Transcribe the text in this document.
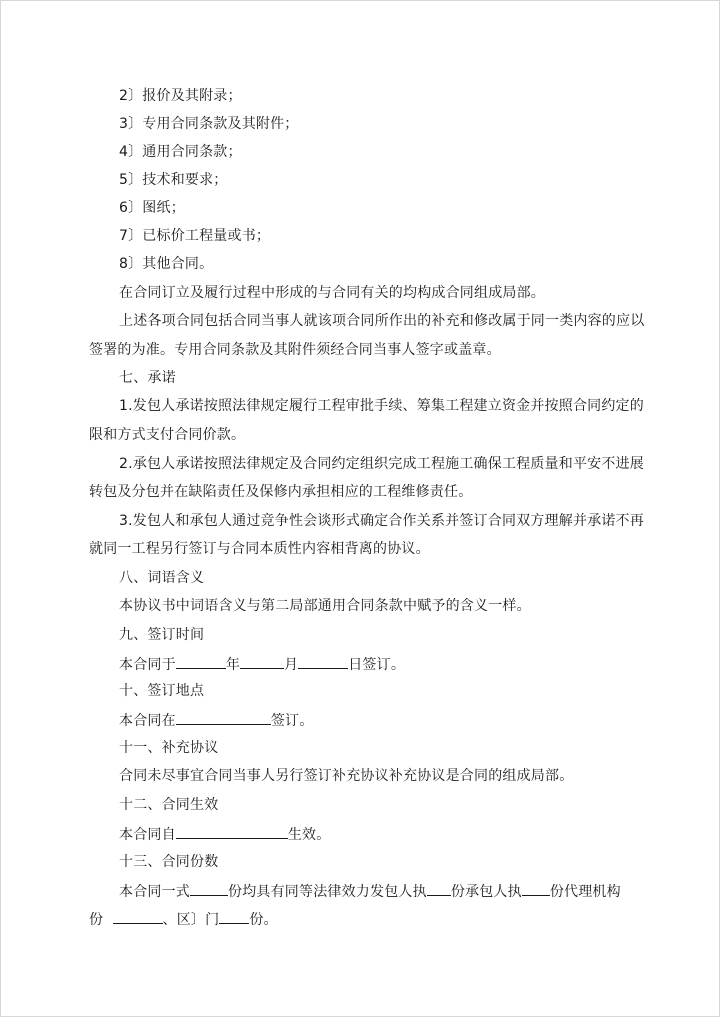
2〕报价及其附录；
3〕专用合同条款及其附件；
4〕通用合同条款；
5〕技术和要求；
6〕图纸；
7〕已标价工程量或书；
8〕其他合同。
在合同订立及履行过程中形成的与合同有关的均构成合同组成局部。
上述各项合同包括合同当事人就该项合同所作出的补充和修改属于同一类内容的应以
签署的为准。专用合同条款及其附件须经合同当事人签字或盖章。
七、承诺
1.发包人承诺按照法律规定履行工程审批手续、筹集工程建立资金并按照合同约定的
限和方式支付合同价款。
2.承包人承诺按照法律规定及合同约定组织完成工程施工确保工程质量和平安不进展
转包及分包并在缺陷责任及保修内承担相应的工程维修责任。
3.发包人和承包人通过竞争性会谈形式确定合作关系并签订合同双方理解并承诺不再
就同一工程另行签订与合同本质性内容相背离的协议。
八、词语含义
本协议书中词语含义与第二局部通用合同条款中赋予的含义一样。
九、签订时间
本合同于	年	月	日签订。
十、签订地点
本合同在	签订。
十一、补充协议
合同未尽事宜合同当事人另行签订补充协议补充协议是合同的组成局部。
十二、合同生效
本合同自	生效。
十三、合同份数
本合同一式	份均具有同等法律效力发包人执 份承包人执 份代理机构
份	、区〕门 份。
